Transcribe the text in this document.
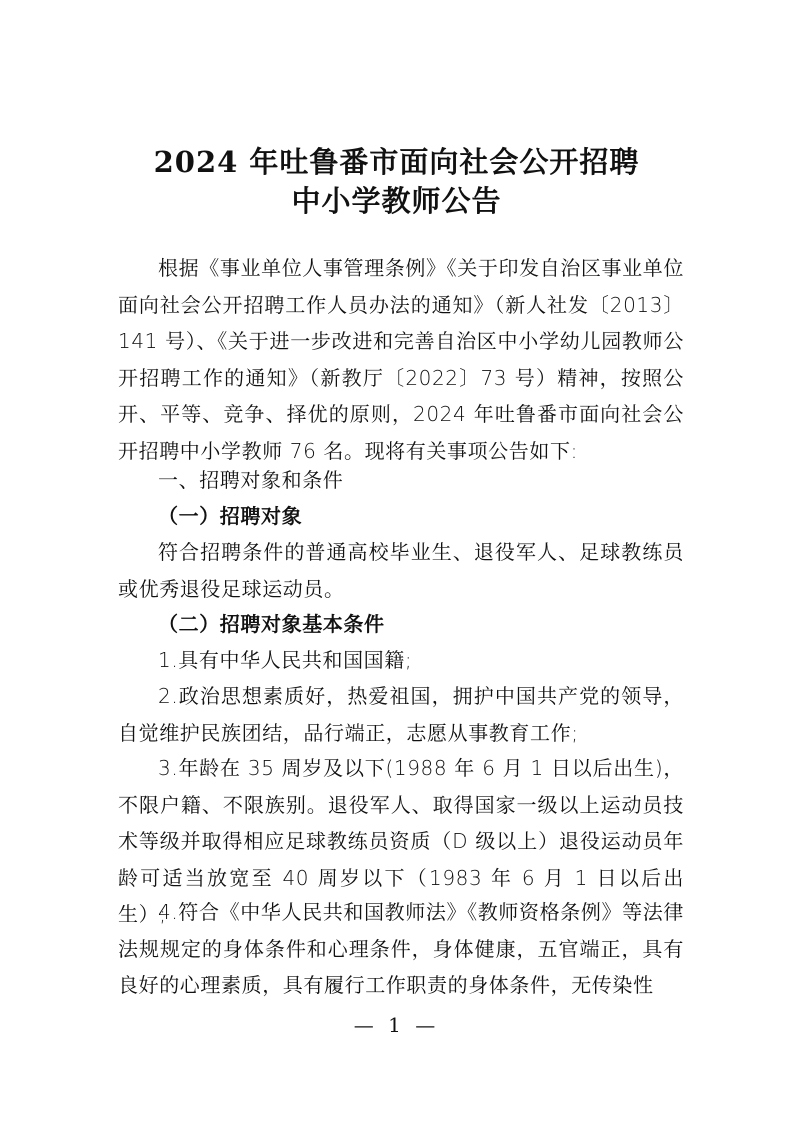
2024 年吐鲁番市面向社会公开招聘
中小学教师公告
根据《事业单位人事管理条例》《关于印发自治区事业单位面向社会公开招聘工作人员办法的通知》（新人社发〔2013〕141 号）、《关于进一步改进和完善自治区中小学幼儿园教师公开招聘工作的通知》（新教厅〔2022〕73 号）精神，按照公开、平等、竞争、择优的原则，2024 年吐鲁番市面向社会公开招聘中小学教师 76 名。现将有关事项公告如下:
一、招聘对象和条件
（一）招聘对象
符合招聘条件的普通高校毕业生、退役军人、足球教练员或优秀退役足球运动员。
（二）招聘对象基本条件
1.具有中华人民共和国国籍;
2.政治思想素质好，热爱祖国，拥护中国共产党的领导，自觉维护民族团结，品行端正，志愿从事教育工作;
3.年龄在 35 周岁及以下(1988 年 6 月 1 日以后出生)，不限户籍、不限族别。退役军人、取得国家一级以上运动员技术等级并取得相应足球教练员资质（D 级以上）退役运动员年龄可适当放宽至 40 周岁以下（1983 年 6 月 1 日以后出生）;
4.符合《中华人民共和国教师法》《教师资格条例》等法律法规规定的身体条件和心理条件，身体健康，五官端正，具有良好的心理素质，具有履行工作职责的身体条件，无传染性
— 1 —
